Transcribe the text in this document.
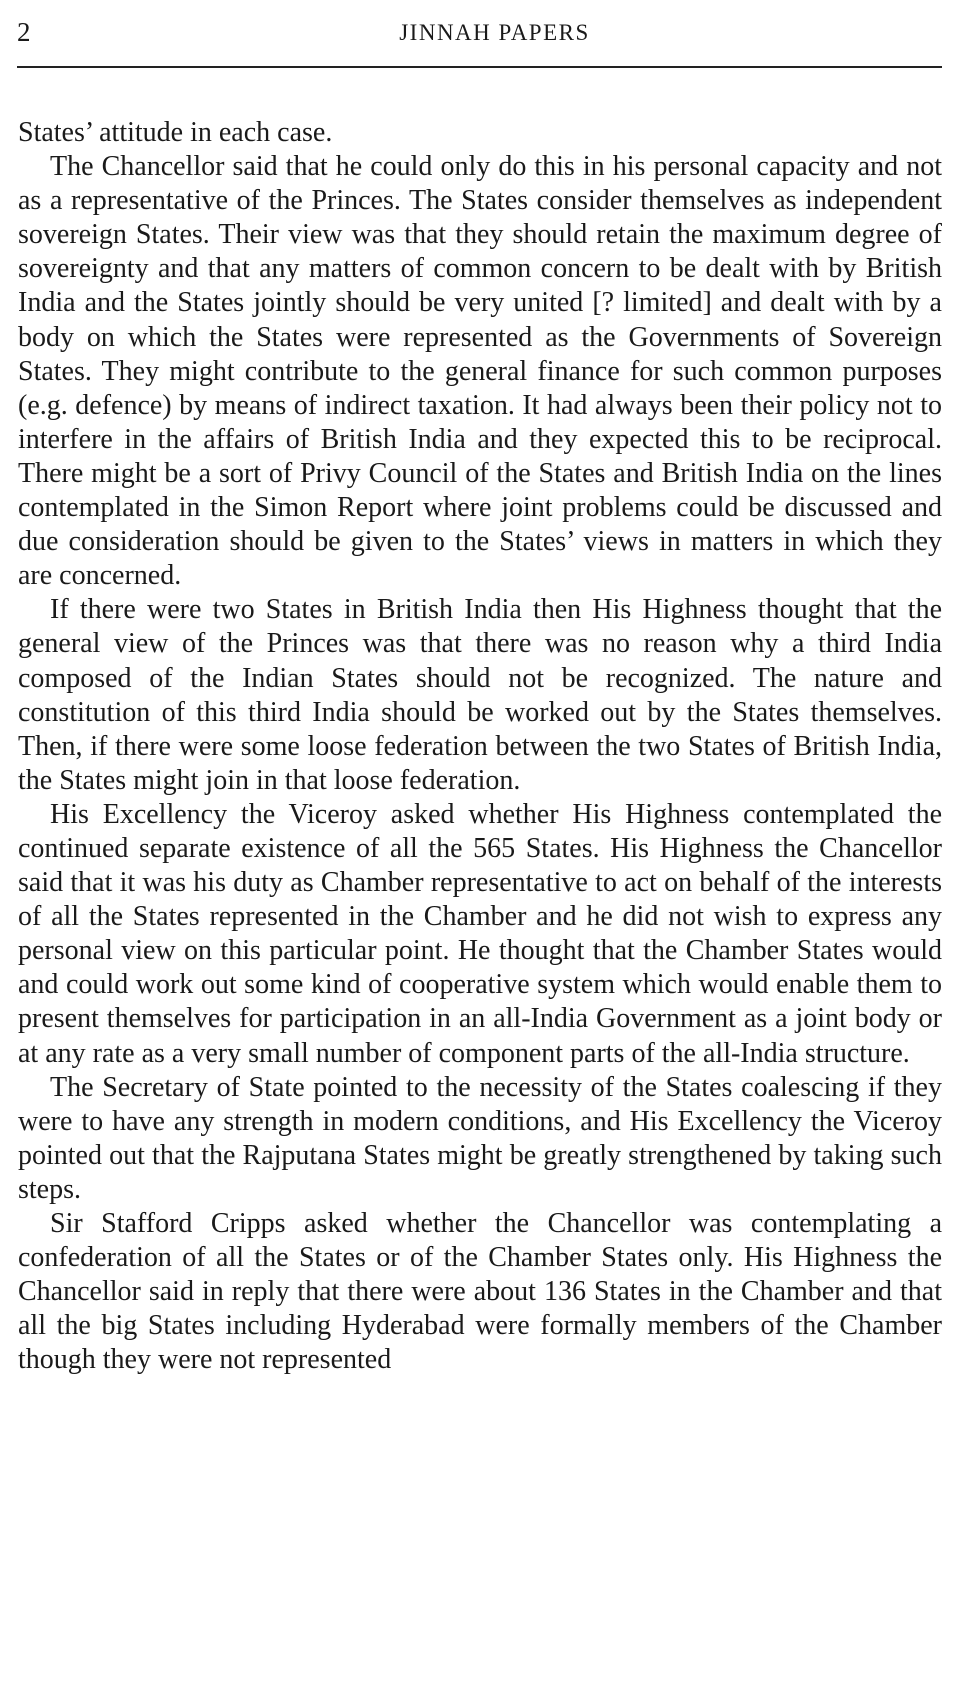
2	JINNAH PAPERS

States’ attitude in each case.

The Chancellor said that he could only do this in his personal capacity and not as a representative of the Princes. The States consider themselves as independent sovereign States. Their view was that they should retain the maximum degree of sovereignty and that any matters of common concern to be dealt with by British India and the States jointly should be very united [? limited] and dealt with by a body on which the States were represented as the Governments of Sovereign States. They might contribute to the general finance for such common purposes (e.g. defence) by means of indirect taxation. It had always been their policy not to interfere in the affairs of British India and they expected this to be reciprocal. There might be a sort of Privy Council of the States and British India on the lines contemplated in the Simon Report where joint problems could be discussed and due consideration should be given to the States’ views in matters in which they are concerned.

If there were two States in British India then His Highness thought that the general view of the Princes was that there was no reason why a third India composed of the Indian States should not be recognized. The nature and constitution of this third India should be worked out by the States themselves. Then, if there were some loose federation between the two States of British India, the States might join in that loose federation.

His Excellency the Viceroy asked whether His Highness contemplated the continued separate existence of all the 565 States. His Highness the Chancellor said that it was his duty as Chamber representative to act on behalf of the interests of all the States represented in the Chamber and he did not wish to express any personal view on this particular point. He thought that the Chamber States would and could work out some kind of cooperative system which would enable them to present themselves for participation in an all-India Government as a joint body or at any rate as a very small number of component parts of the all-India structure.

The Secretary of State pointed to the necessity of the States coalescing if they were to have any strength in modern conditions, and His Excellency the Viceroy pointed out that the Rajputana States might be greatly strengthened by taking such steps.

Sir Stafford Cripps asked whether the Chancellor was contemplating a confederation of all the States or of the Chamber States only. His Highness the Chancellor said in reply that there were about 136 States in the Chamber and that all the big States including Hyderabad were formally members of the Chamber though they were not represented
